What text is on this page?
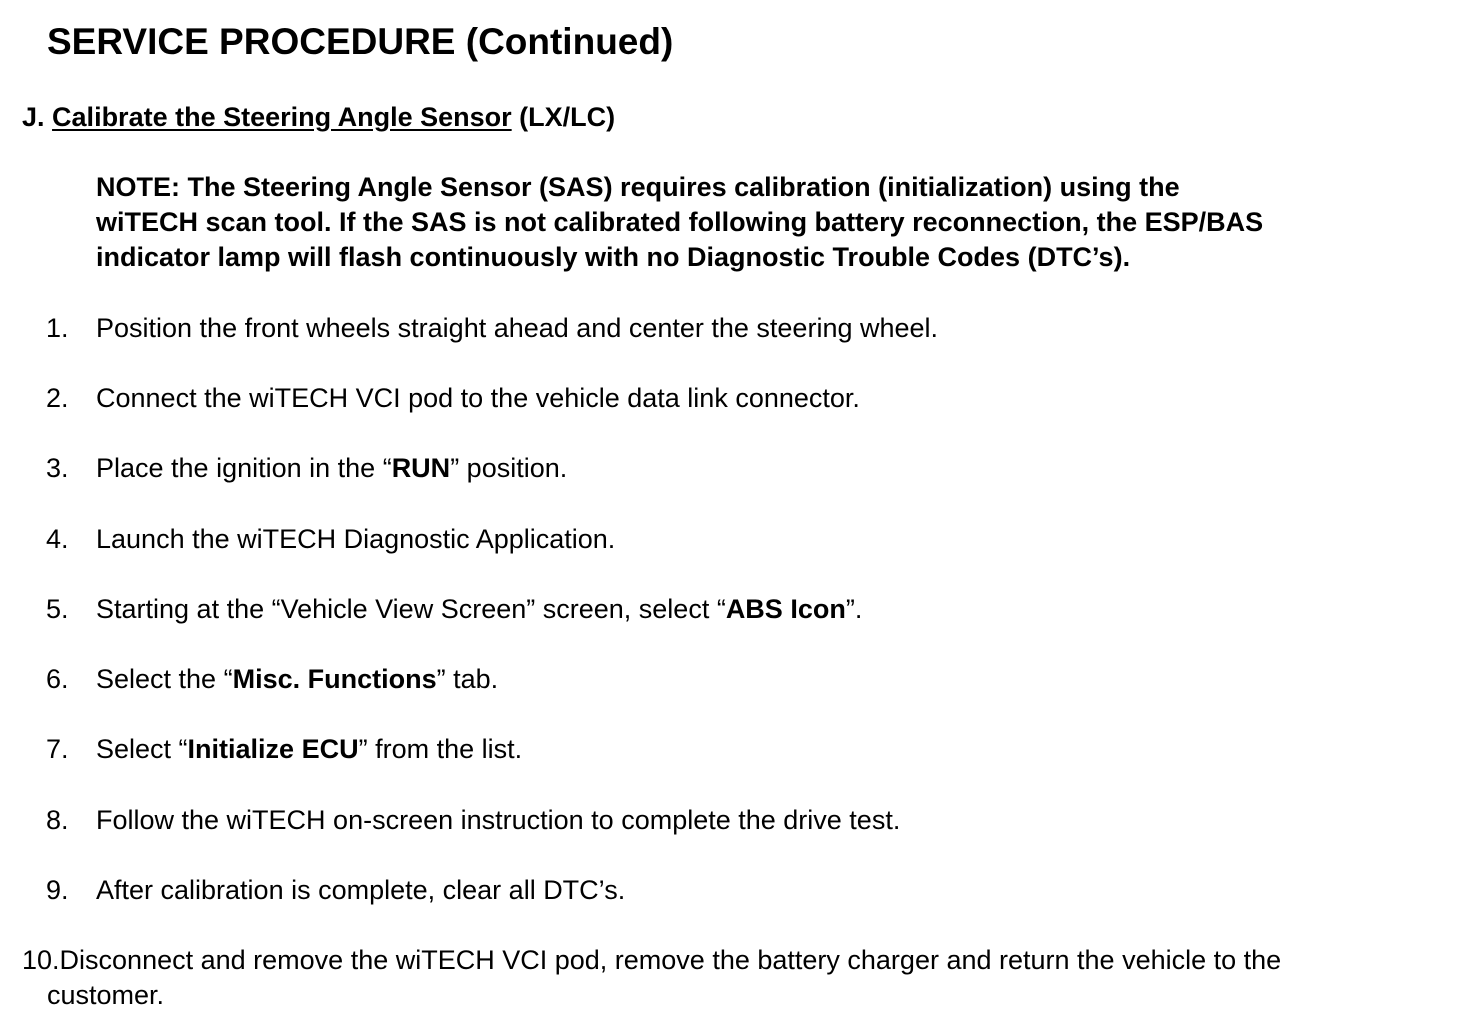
SERVICE PROCEDURE (Continued)
J. Calibrate the Steering Angle Sensor (LX/LC)
NOTE: The Steering Angle Sensor (SAS) requires calibration (initialization) using the
wiTECH scan tool. If the SAS is not calibrated following battery reconnection, the ESP/BAS
indicator lamp will flash continuously with no Diagnostic Trouble Codes (DTC’s).
1. Position the front wheels straight ahead and center the steering wheel.
2. Connect the wiTECH VCI pod to the vehicle data link connector.
3. Place the ignition in the “RUN” position.
4. Launch the wiTECH Diagnostic Application.
5. Starting at the “Vehicle View Screen” screen, select “ABS Icon”.
6. Select the “Misc. Functions” tab.
7. Select “Initialize ECU” from the list.
8. Follow the wiTECH on-screen instruction to complete the drive test.
9. After calibration is complete, clear all DTC’s.
10.Disconnect and remove the wiTECH VCI pod, remove the battery charger and return the vehicle to the
customer.
